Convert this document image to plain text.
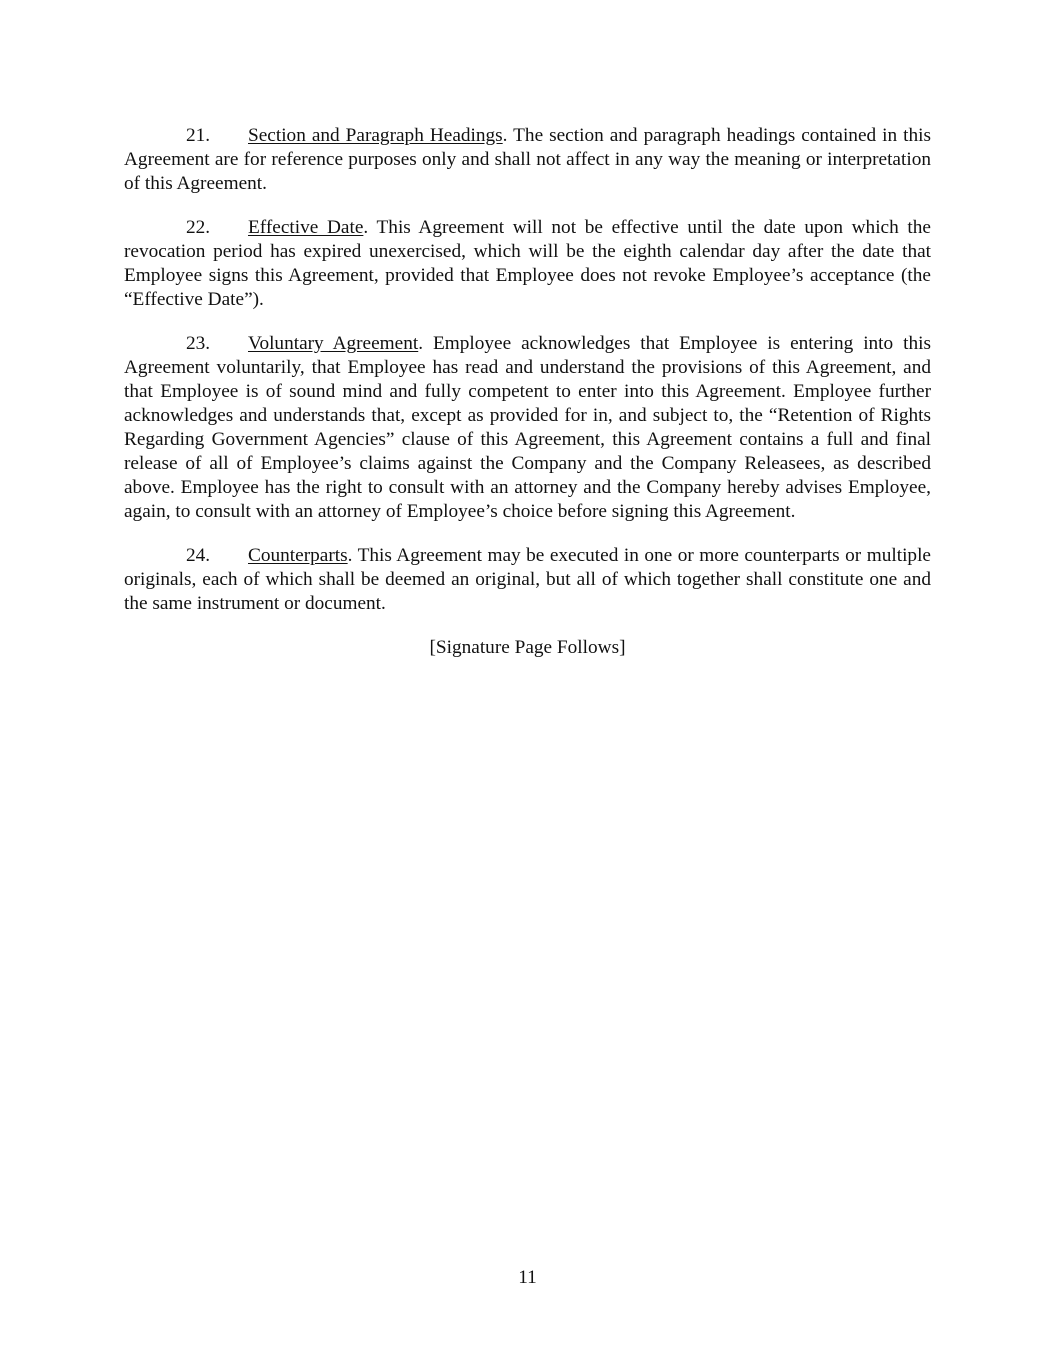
21. Section and Paragraph Headings. The section and paragraph headings contained in this Agreement are for reference purposes only and shall not affect in any way the meaning or interpretation of this Agreement.

22. Effective Date. This Agreement will not be effective until the date upon which the revocation period has expired unexercised, which will be the eighth calendar day after the date that Employee signs this Agreement, provided that Employee does not revoke Employee’s acceptance (the “Effective Date”).

23. Voluntary Agreement. Employee acknowledges that Employee is entering into this Agreement voluntarily, that Employee has read and understand the provisions of this Agreement, and that Employee is of sound mind and fully competent to enter into this Agreement. Employee further acknowledges and understands that, except as provided for in, and subject to, the “Retention of Rights Regarding Government Agencies” clause of this Agreement, this Agreement contains a full and final release of all of Employee’s claims against the Company and the Company Releasees, as described above. Employee has the right to consult with an attorney and the Company hereby advises Employee, again, to consult with an attorney of Employee’s choice before signing this Agreement.

24. Counterparts. This Agreement may be executed in one or more counterparts or multiple originals, each of which shall be deemed an original, but all of which together shall constitute one and the same instrument or document.

[Signature Page Follows]

11
